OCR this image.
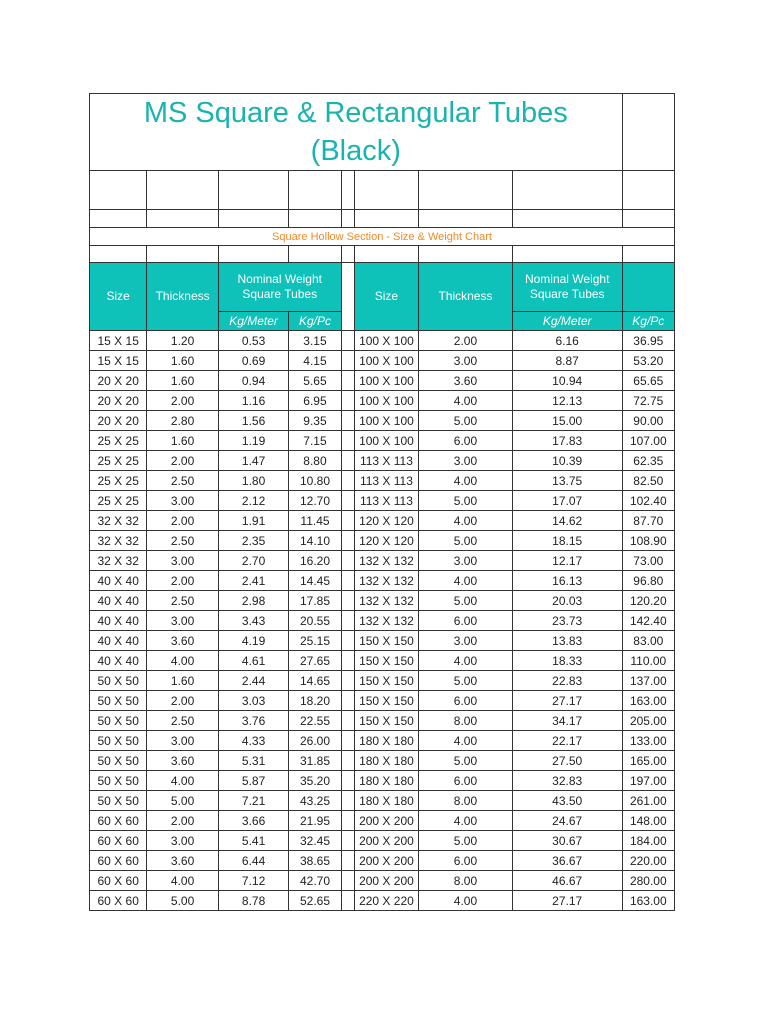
MS Square & Rectangular Tubes
(Black)								

Square Hollow Section - Size & Weight Chart								

Size	Thickness	Nominal Weight Square Tubes			Size	Thickness	Nominal Weight Square Tubes	
		Kg/Meter	Kg/Pc				Kg/Meter	Kg/Pc
15 X 15	1.20	0.53	3.15		100 X 100	2.00	6.16	36.95
15 X 15	1.60	0.69	4.15		100 X 100	3.00	8.87	53.20
20 X 20	1.60	0.94	5.65		100 X 100	3.60	10.94	65.65
20 X 20	2.00	1.16	6.95		100 X 100	4.00	12.13	72.75
20 X 20	2.80	1.56	9.35		100 X 100	5.00	15.00	90.00
25 X 25	1.60	1.19	7.15		100 X 100	6.00	17.83	107.00
25 X 25	2.00	1.47	8.80		113 X 113	3.00	10.39	62.35
25 X 25	2.50	1.80	10.80		113 X 113	4.00	13.75	82.50
25 X 25	3.00	2.12	12.70		113 X 113	5.00	17.07	102.40
32 X 32	2.00	1.91	11.45		120 X 120	4.00	14.62	87.70
32 X 32	2.50	2.35	14.10		120 X 120	5.00	18.15	108.90
32 X 32	3.00	2.70	16.20		132 X 132	3.00	12.17	73.00
40 X 40	2.00	2.41	14.45		132 X 132	4.00	16.13	96.80
40 X 40	2.50	2.98	17.85		132 X 132	5.00	20.03	120.20
40 X 40	3.00	3.43	20.55		132 X 132	6.00	23.73	142.40
40 X 40	3.60	4.19	25.15		150 X 150	3.00	13.83	83.00
40 X 40	4.00	4.61	27.65		150 X 150	4.00	18.33	110.00
50 X 50	1.60	2.44	14.65		150 X 150	5.00	22.83	137.00
50 X 50	2.00	3.03	18.20		150 X 150	6.00	27.17	163.00
50 X 50	2.50	3.76	22.55		150 X 150	8.00	34.17	205.00
50 X 50	3.00	4.33	26.00		180 X 180	4.00	22.17	133.00
50 X 50	3.60	5.31	31.85		180 X 180	5.00	27.50	165.00
50 X 50	4.00	5.87	35.20		180 X 180	6.00	32.83	197.00
50 X 50	5.00	7.21	43.25		180 X 180	8.00	43.50	261.00
60 X 60	2.00	3.66	21.95		200 X 200	4.00	24.67	148.00
60 X 60	3.00	5.41	32.45		200 X 200	5.00	30.67	184.00
60 X 60	3.60	6.44	38.65		200 X 200	6.00	36.67	220.00
60 X 60	4.00	7.12	42.70		200 X 200	8.00	46.67	280.00
60 X 60	5.00	8.78	52.65		220 X 220	4.00	27.17	163.00
